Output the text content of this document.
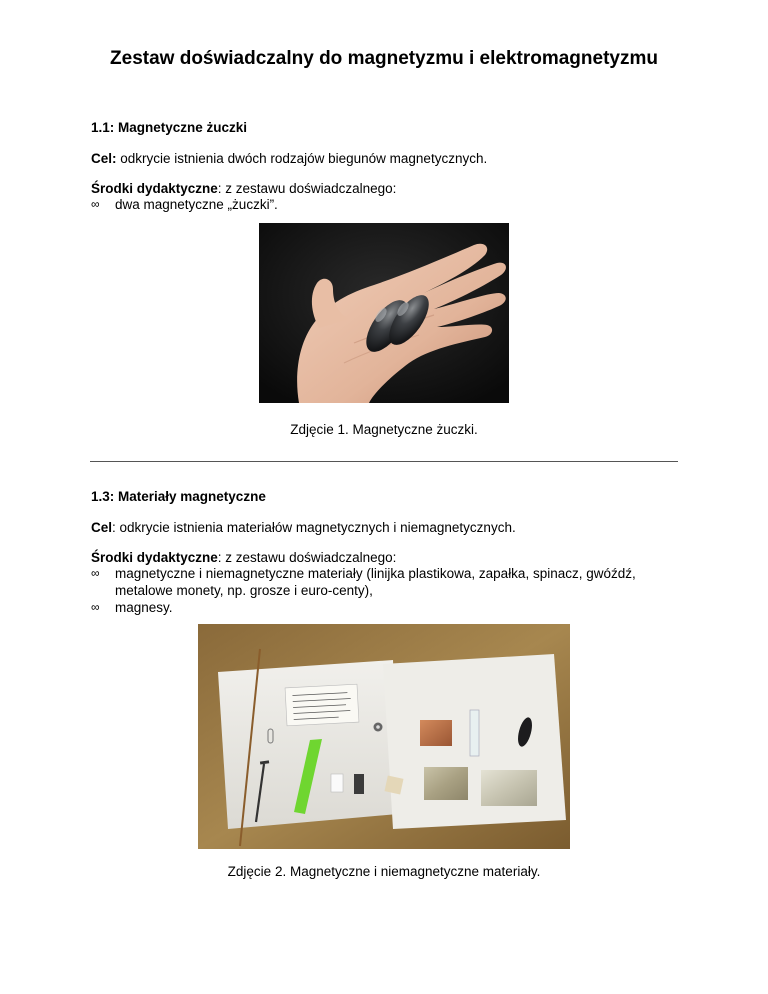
Zestaw doświadczalny do magnetyzmu i elektromagnetyzmu
1.1: Magnetyczne żuczki
Cel: odkrycie istnienia dwóch rodzajów biegunów magnetycznych.
Środki dydaktyczne: z zestawu doświadczalnego:
∞ dwa magnetyczne „żuczki”.
Zdjęcie 1. Magnetyczne żuczki.
1.3: Materiały magnetyczne
Cel: odkrycie istnienia materiałów magnetycznych i niemagnetycznych.
Środki dydaktyczne: z zestawu doświadczalnego:
∞ magnetyczne i niemagnetyczne materiały (linijka plastikowa, zapałka, spinacz, gwóźdź,
metalowe monety, np. grosze i euro-centy),
∞ magnesy.
Zdjęcie 2. Magnetyczne i niemagnetyczne materiały.
